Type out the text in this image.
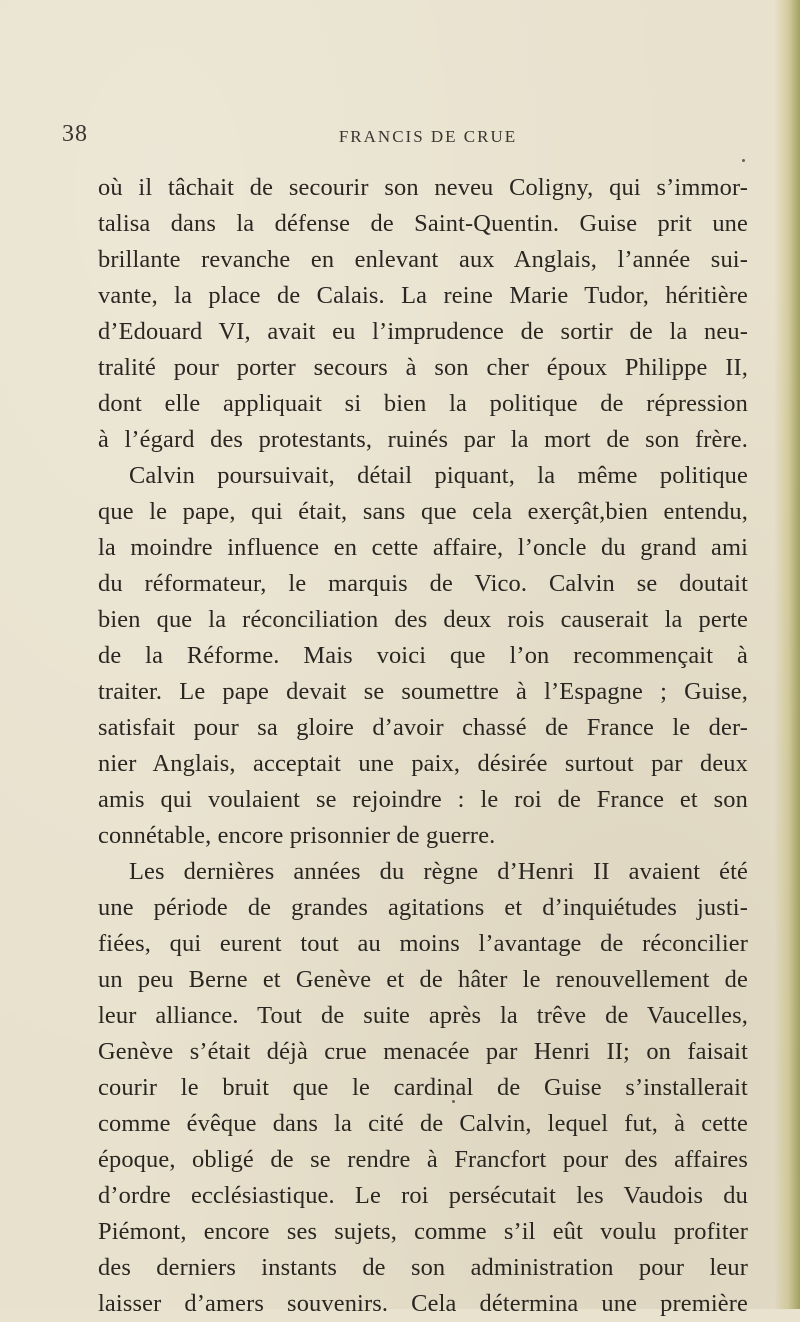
38	FRANCIS DE CRUE
où il tâchait de secourir son neveu Coligny, qui s’immor-
talisa dans la défense de Saint-Quentin. Guise prit une
brillante revanche en enlevant aux Anglais, l’année sui-
vante, la place de Calais. La reine Marie Tudor, héritière
d’Edouard VI, avait eu l’imprudence de sortir de la neu-
tralité pour porter secours à son cher époux Philippe II,
dont elle appliquait si bien la politique de répression
à l’égard des protestants, ruinés par la mort de son frère.
Calvin poursuivait, détail piquant, la même politique
que le pape, qui était, sans que cela exerçât,bien entendu,
la moindre influence en cette affaire, l’oncle du grand ami
du réformateur, le marquis de Vico. Calvin se doutait
bien que la réconciliation des deux rois causerait la perte
de la Réforme. Mais voici que l’on recommençait à
traiter. Le pape devait se soumettre à l’Espagne ; Guise,
satisfait pour sa gloire d’avoir chassé de France le der-
nier Anglais, acceptait une paix, désirée surtout par deux
amis qui voulaient se rejoindre : le roi de France et son
connétable, encore prisonnier de guerre.
Les dernières années du règne d’Henri II avaient été
une période de grandes agitations et d’inquiétudes justi-
fiées, qui eurent tout au moins l’avantage de réconcilier
un peu Berne et Genève et de hâter le renouvellement de
leur alliance. Tout de suite après la trêve de Vaucelles,
Genève s’était déjà crue menacée par Henri II; on faisait
courir le bruit que le cardinal de Guise s’installerait
comme évêque dans la cité de Calvin, lequel fut, à cette
époque, obligé de se rendre à Francfort pour des affaires
d’ordre ecclésiastique. Le roi persécutait les Vaudois du
Piémont, encore ses sujets, comme s’il eût voulu profiter
des derniers instants de son administration pour leur
laisser d’amers souvenirs. Cela détermina une première
